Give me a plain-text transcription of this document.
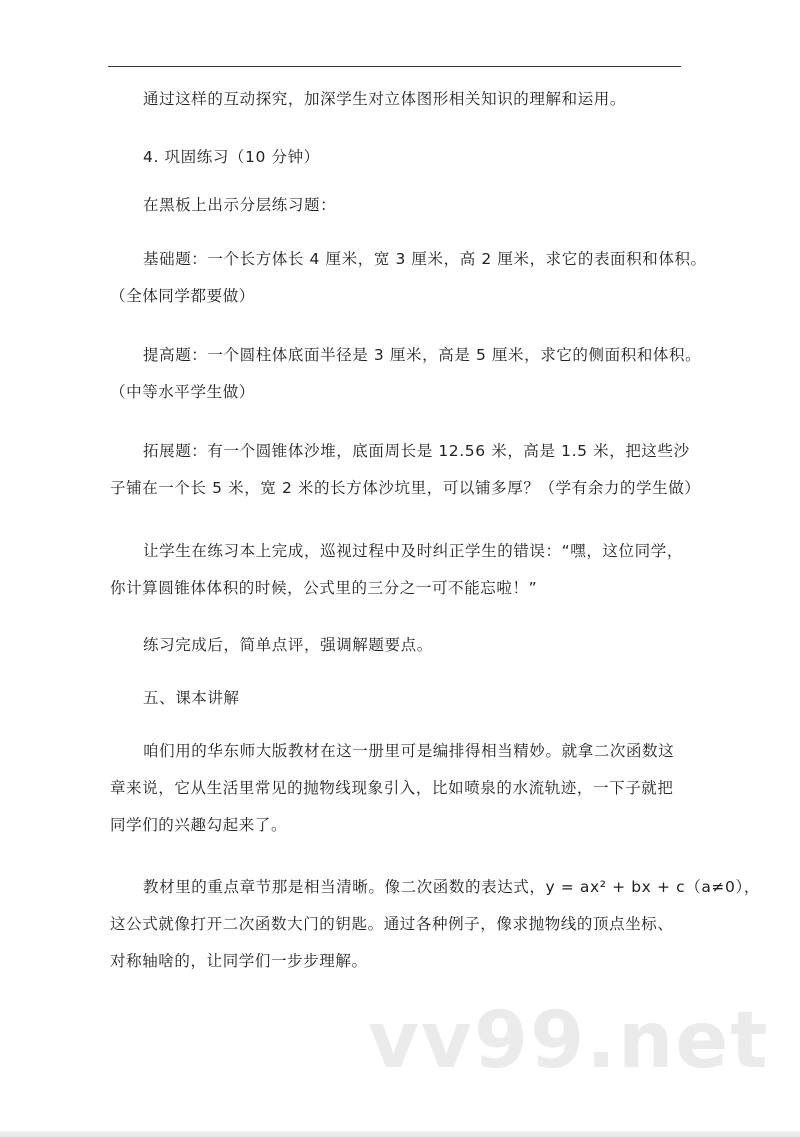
通过这样的互动探究，加深学生对立体图形相关知识的理解和运用。

4. 巩固练习（10 分钟）

在黑板上出示分层练习题：

基础题：一个长方体长 4 厘米，宽 3 厘米，高 2 厘米，求它的表面积和体积。
（全体同学都要做）

提高题：一个圆柱体底面半径是 3 厘米，高是 5 厘米，求它的侧面积和体积。
（中等水平学生做）

拓展题：有一个圆锥体沙堆，底面周长是 12.56 米，高是 1.5 米，把这些沙
子铺在一个长 5 米，宽 2 米的长方体沙坑里，可以铺多厚？（学有余力的学生做）

让学生在练习本上完成，巡视过程中及时纠正学生的错误：“嘿，这位同学，
你计算圆锥体体积的时候，公式里的三分之一可不能忘啦！”

练习完成后，简单点评，强调解题要点。

五、课本讲解

咱们用的华东师大版教材在这一册里可是编排得相当精妙。就拿二次函数这
章来说，它从生活里常见的抛物线现象引入，比如喷泉的水流轨迹，一下子就把
同学们的兴趣勾起来了。

教材里的重点章节那是相当清晰。像二次函数的表达式，y = ax² + bx + c（a≠0），
这公式就像打开二次函数大门的钥匙。通过各种例子，像求抛物线的顶点坐标、
对称轴啥的，让同学们一步步理解。

vv99.net
